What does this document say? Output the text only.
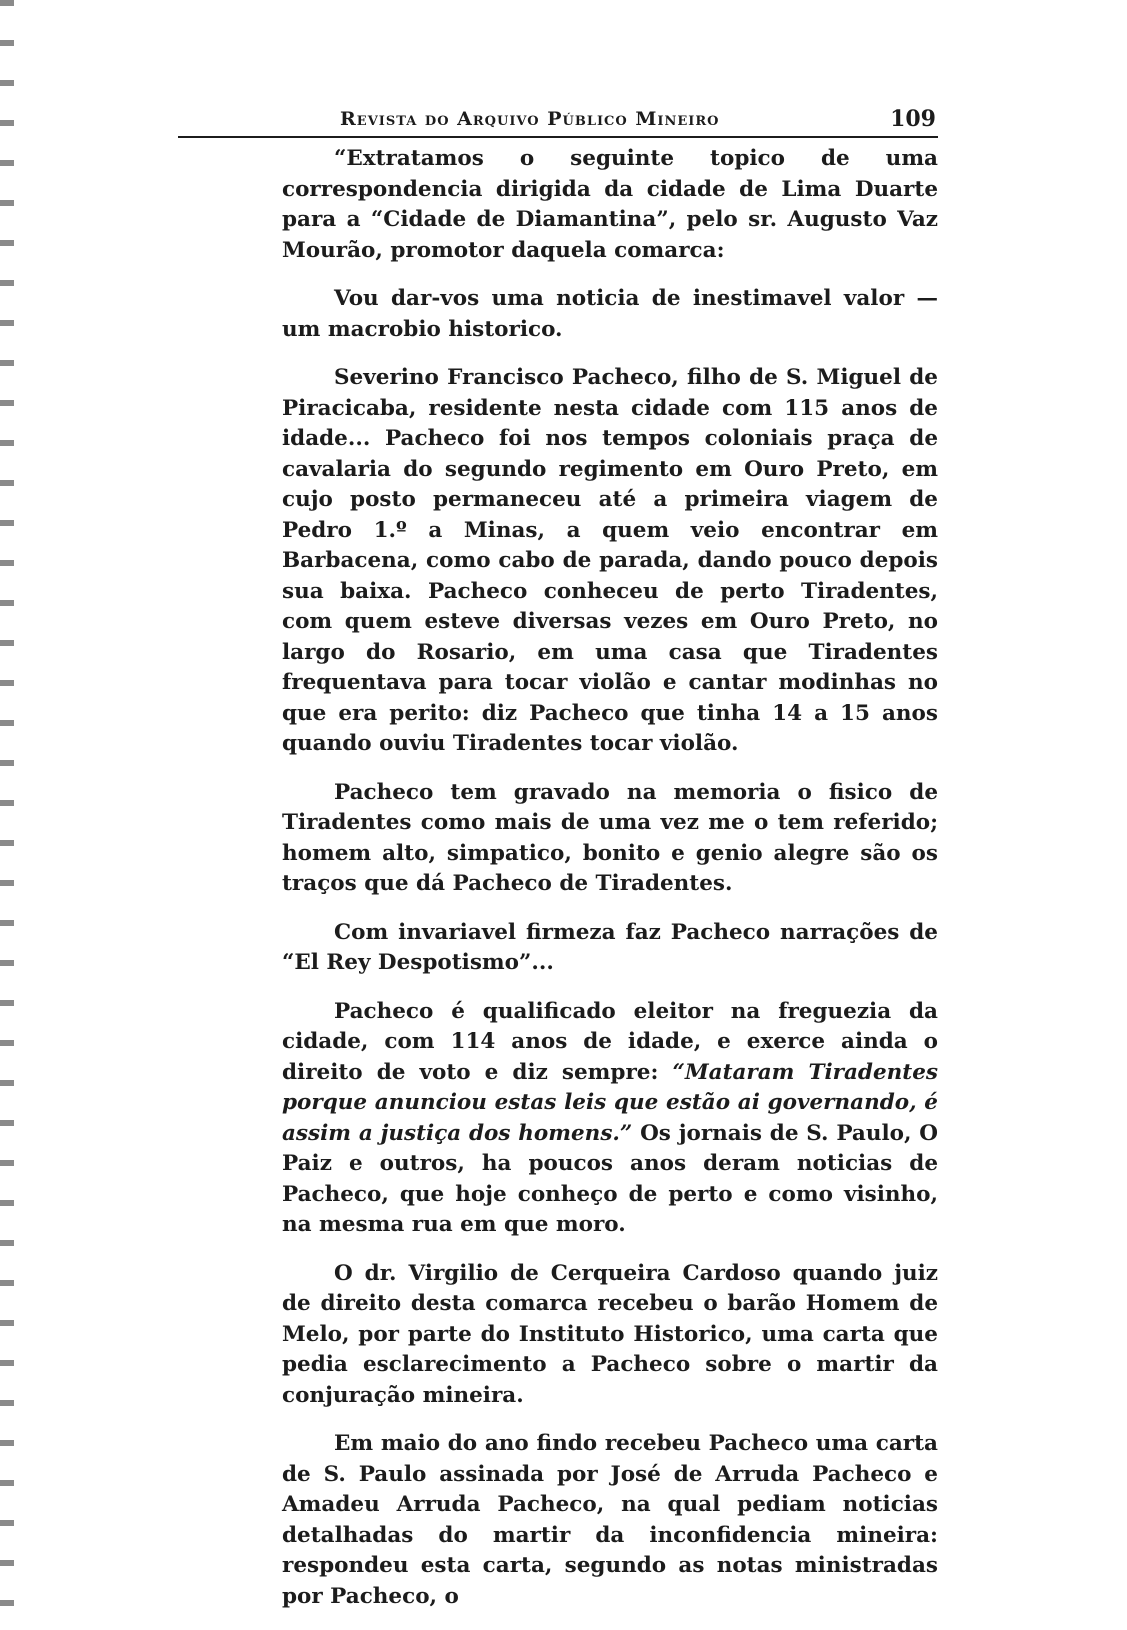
Revista do Arquivo Público Mineiro	109

“Extratamos o seguinte topico de uma correspondencia dirigida da cidade de Lima Duarte para a “Cidade de Diamantina”, pelo sr. Augusto Vaz Mourão, promotor daquela comarca:

Vou dar-vos uma noticia de inestimavel valor — um macrobio historico.

Severino Francisco Pacheco, filho de S. Miguel de Piracicaba, residente nesta cidade com 115 anos de idade... Pacheco foi nos tempos coloniais praça de cavalaria do segundo regimento em Ouro Preto, em cujo posto permaneceu até a primeira viagem de Pedro 1.º a Minas, a quem veio encontrar em Barbacena, como cabo de parada, dando pouco depois sua baixa. Pacheco conheceu de perto Tiradentes, com quem esteve diversas vezes em Ouro Preto, no largo do Rosario, em uma casa que Tiradentes frequentava para tocar violão e cantar modinhas no que era perito: diz Pacheco que tinha 14 a 15 anos quando ouviu Tiradentes tocar violão.

Pacheco tem gravado na memoria o fisico de Tiradentes como mais de uma vez me o tem referido; homem alto, simpatico, bonito e genio alegre são os traços que dá Pacheco de Tiradentes.

Com invariavel firmeza faz Pacheco narrações de “El Rey Despotismo”...

Pacheco é qualificado eleitor na freguezia da cidade, com 114 anos de idade, e exerce ainda o direito de voto e diz sempre: “Mataram Tiradentes porque anunciou estas leis que estão ai governando, é assim a justiça dos homens.” Os jornais de S. Paulo, O Paiz e outros, ha poucos anos deram noticias de Pacheco, que hoje conheço de perto e como visinho, na mesma rua em que moro.

O dr. Virgilio de Cerqueira Cardoso quando juiz de direito desta comarca recebeu o barão Homem de Melo, por parte do Instituto Historico, uma carta que pedia esclarecimento a Pacheco sobre o martir da conjuração mineira.

Em maio do ano findo recebeu Pacheco uma carta de S. Paulo assinada por José de Arruda Pacheco e Amadeu Arruda Pacheco, na qual pediam noticias detalhadas do martir da inconfidencia mineira: respondeu esta carta, segundo as notas ministradas por Pacheco, o
